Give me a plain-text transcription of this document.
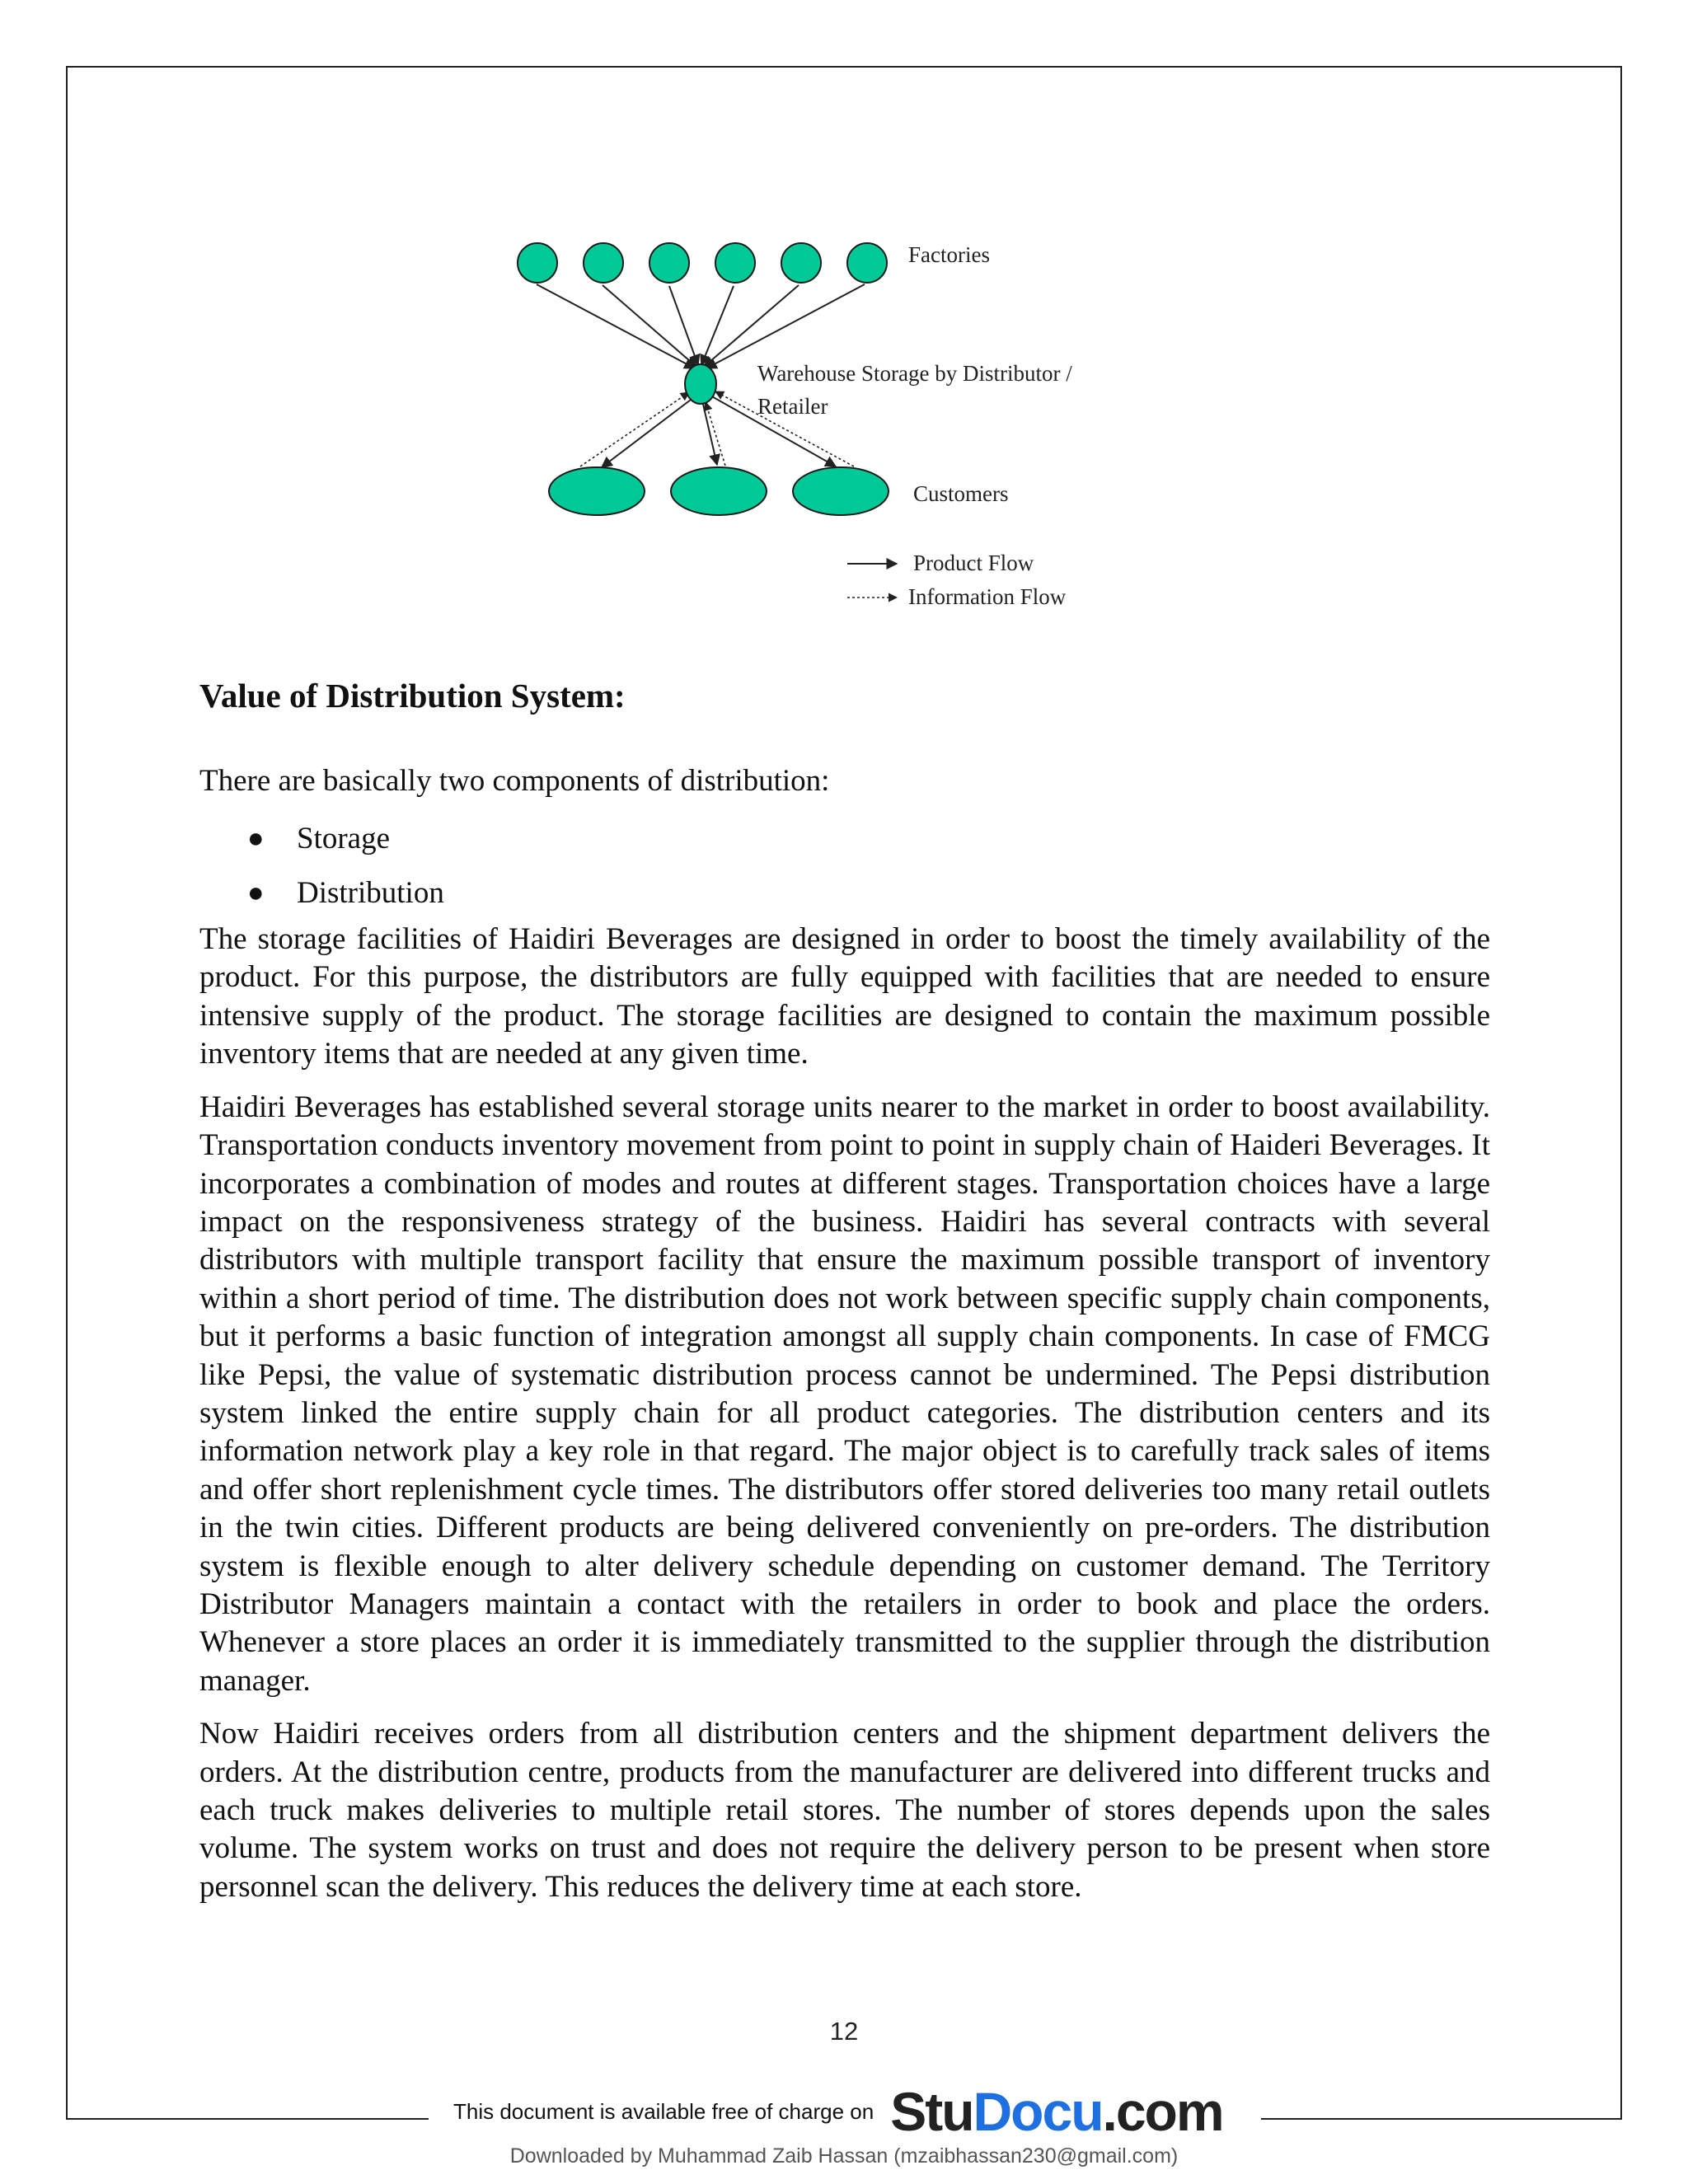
Factories
Warehouse Storage by Distributor /
Retailer
Customers
Product Flow
Information Flow
Value of Distribution System:

There are basically two components of distribution:

●	Storage
●	Distribution

The storage facilities of Haidiri Beverages are designed in order to boost the timely availability of the product. For this purpose, the distributors are fully equipped with facilities that are needed to ensure intensive supply of the product. The storage facilities are designed to contain the maximum possible inventory items that are needed at any given time.

Haidiri Beverages has established several storage units nearer to the market in order to boost availability. Transportation conducts inventory movement from point to point in supply chain of Haideri Beverages. It incorporates a combination of modes and routes at different stages. Transportation choices have a large impact on the responsiveness strategy of the business. Haidiri has several contracts with several distributors with multiple transport facility that ensure the maximum possible transport of inventory within a short period of time. The distribution does not work between specific supply chain components, but it performs a basic function of integration amongst all supply chain components. In case of FMCG like Pepsi, the value of systematic distribution process cannot be undermined. The Pepsi distribution system linked the entire supply chain for all product categories. The distribution centers and its information network play a key role in that regard. The major object is to carefully track sales of items and offer short replenishment cycle times. The distributors offer stored deliveries too many retail outlets in the twin cities. Different products are being delivered conveniently on pre-orders. The distribution system is flexible enough to alter delivery schedule depending on customer demand. The Territory Distributor Managers maintain a contact with the retailers in order to book and place the orders. Whenever a store places an order it is immediately transmitted to the supplier through the distribution manager.

Now Haidiri receives orders from all distribution centers and the shipment department delivers the orders. At the distribution centre, products from the manufacturer are delivered into different trucks and each truck makes deliveries to multiple retail stores. The number of stores depends upon the sales volume. The system works on trust and does not require the delivery person to be present when store personnel scan the delivery. This reduces the delivery time at each store.

12
This document is available free of charge on StuDocu.com
Downloaded by Muhammad Zaib Hassan (mzaibhassan230@gmail.com)
